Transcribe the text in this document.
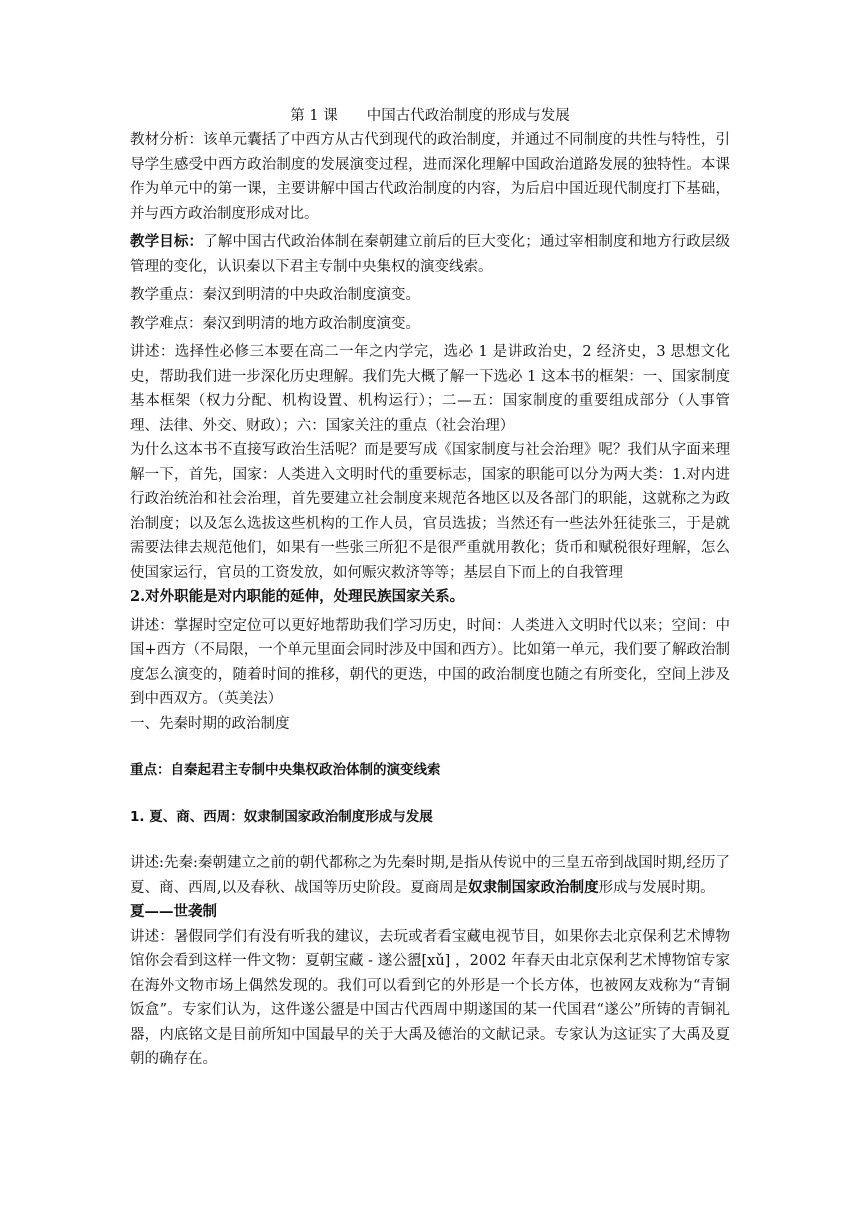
第 1 课　　中国古代政治制度的形成与发展

教材分析：该单元囊括了中西方从古代到现代的政治制度，并通过不同制度的共性与特性，引导学生感受中西方政治制度的发展演变过程，进而深化理解中国政治道路发展的独特性。本课作为单元中的第一课，主要讲解中国古代政治制度的内容，为后启中国近现代制度打下基础，并与西方政治制度形成对比。

教学目标：了解中国古代政治体制在秦朝建立前后的巨大变化；通过宰相制度和地方行政层级管理的变化，认识秦以下君主专制中央集权的演变线索。

教学重点：秦汉到明清的中央政治制度演变。

教学难点：秦汉到明清的地方政治制度演变。

讲述：选择性必修三本要在高二一年之内学完，选必 1 是讲政治史，2 经济史，3 思想文化史，帮助我们进一步深化历史理解。我们先大概了解一下选必 1 这本书的框架：一、国家制度基本框架（权力分配、机构设置、机构运行）；二—五：国家制度的重要组成部分（人事管理、法律、外交、财政）；六：国家关注的重点（社会治理）

为什么这本书不直接写政治生活呢？而是要写成《国家制度与社会治理》呢？我们从字面来理解一下，首先，国家：人类进入文明时代的重要标志，国家的职能可以分为两大类：1.对内进行政治统治和社会治理，首先要建立社会制度来规范各地区以及各部门的职能，这就称之为政治制度；以及怎么选拔这些机构的工作人员，官员选拔；当然还有一些法外狂徒张三，于是就需要法律去规范他们，如果有一些张三所犯不是很严重就用教化；货币和赋税很好理解，怎么使国家运行，官员的工资发放，如何赈灾救济等等；基层自下而上的自我管理
2.对外职能是对内职能的延伸，处理民族国家关系。

讲述：掌握时空定位可以更好地帮助我们学习历史，时间：人类进入文明时代以来；空间：中国+西方（不局限，一个单元里面会同时涉及中国和西方）。比如第一单元，我们要了解政治制度怎么演变的，随着时间的推移，朝代的更迭，中国的政治制度也随之有所变化，空间上涉及到中西双方。（英美法）

一、先秦时期的政治制度

重点：自秦起君主专制中央集权政治体制的演变线索

1. 夏、商、西周：奴隶制国家政治制度形成与发展

讲述:先秦:秦朝建立之前的朝代都称之为先秦时期,是指从传说中的三皇五帝到战国时期,经历了夏、商、西周,以及春秋、战国等历史阶段。夏商周是奴隶制国家政治制度形成与发展时期。

夏——世袭制

讲述：暑假同学们有没有听我的建议，去玩或者看宝藏电视节目，如果你去北京保利艺术博物馆你会看到这样一件文物：夏朝宝藏 - 遂公盨[xǔ] ，2002 年春天由北京保利艺术博物馆专家在海外文物市场上偶然发现的。我们可以看到它的外形是一个长方体，也被网友戏称为“青铜饭盒”。专家们认为，这件遂公盨是中国古代西周中期遂国的某一代国君“遂公”所铸的青铜礼器，内底铭文是目前所知中国最早的关于大禹及德治的文献记录。专家认为这证实了大禹及夏朝的确存在。
